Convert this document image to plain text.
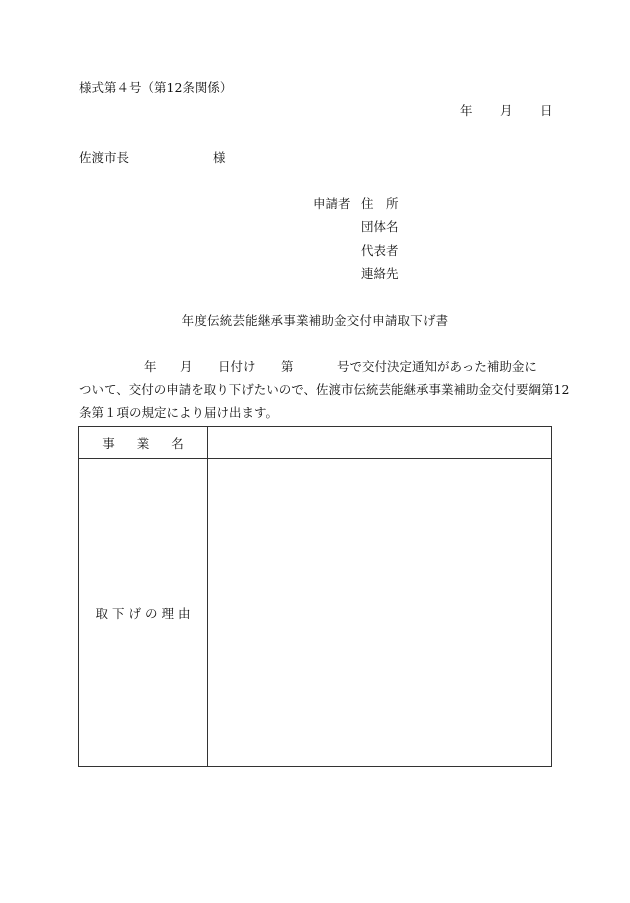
様式第４号（第12条関係）
年 月 日
佐渡市長	様
申請者 住　所
団体名
代表者
連絡先
年度伝統芸能継承事業補助金交付申請取下げ書
年 月 日付け 第	号で交付決定通知があった補助金に
ついて、交付の申請を取り下げたいので、佐渡市伝統芸能継承事業補助金交付要綱第12
条第１項の規定により届け出ます。
事業名	
取下げの理由	
